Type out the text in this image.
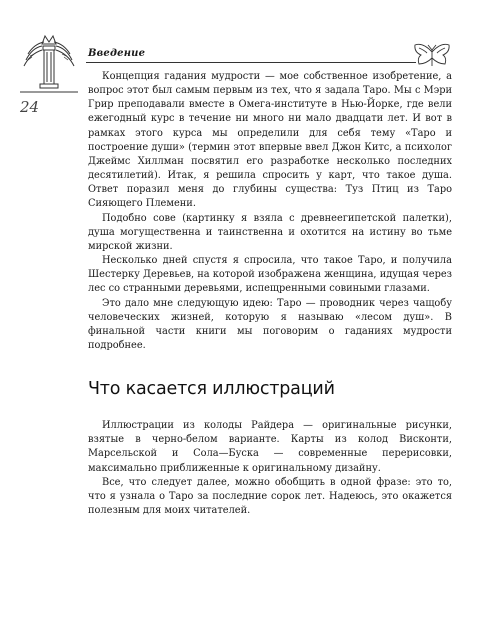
Введение
24

Концепция гадания мудрости — мое собственное изобретение, а вопрос этот был самым первым из тех, что я задала Таро. Мы с Мэри Грир преподавали вместе в Омега-институте в Нью-Йорке, где вели ежегодный курс в течение ни много ни мало двадцати лет. И вот в рамках этого курса мы определили для себя тему «Таро и построение души» (термин этот впервые ввел Джон Китс, а психолог Джеймс Хиллман посвятил его разработке несколько последних десятилетий). Итак, я решила спросить у карт, что такое душа. Ответ поразил меня до глубины существа: Туз Птиц из Таро Сияющего Племени.

Подобно сове (картинку я взяла с древнеегипетской палетки), душа могущественна и таинственна и охотится на истину во тьме мирской жизни.

Несколько дней спустя я спросила, что такое Таро, и получила Шестерку Деревьев, на которой изображена женщина, идущая через лес со странными деревьями, испещренными совиными глазами.

Это дало мне следующую идею: Таро — проводник через чащобу человеческих жизней, которую я называю «лесом душ». В финальной части книги мы поговорим о гаданиях мудрости подробнее.

Что касается иллюстраций

Иллюстрации из колоды Райдера — оригинальные рисунки, взятые в черно-белом варианте. Карты из колод Висконти, Марсельской и Сола—Буска — современные перерисовки, максимально приближенные к оригинальному дизайну.

Все, что следует далее, можно обобщить в одной фразе: это то, что я узнала о Таро за последние сорок лет. Надеюсь, это окажется полезным для моих читателей.
